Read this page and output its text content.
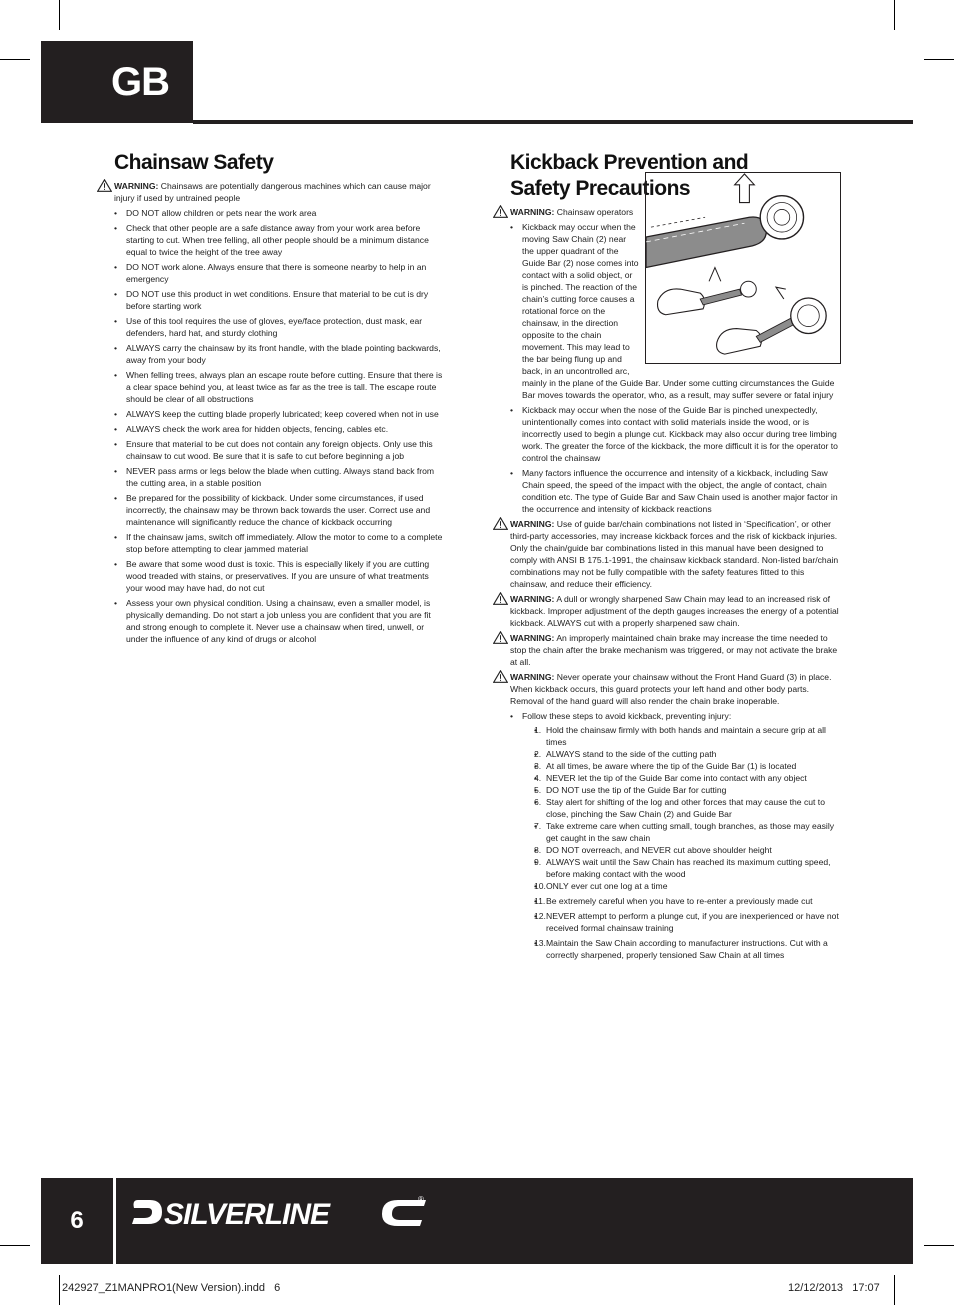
GB
Chainsaw Safety

WARNING: Chainsaws are potentially dangerous machines which can cause major injury if used by untrained people

• DO NOT allow children or pets near the work area
• Check that other people are a safe distance away from your work area before starting to cut. When tree felling, all other people should be a minimum distance equal to twice the height of the tree away
• DO NOT work alone. Always ensure that there is someone nearby to help in an emergency
• DO NOT use this product in wet conditions. Ensure that material to be cut is dry before starting work
• Use of this tool requires the use of gloves, eye/face protection, dust mask, ear defenders, hard hat, and sturdy clothing
• ALWAYS carry the chainsaw by its front handle, with the blade pointing backwards, away from your body
• When felling trees, always plan an escape route before cutting. Ensure that there is a clear space behind you, at least twice as far as the tree is tall. The escape route should be clear of all obstructions
• ALWAYS keep the cutting blade properly lubricated; keep covered when not in use
• ALWAYS check the work area for hidden objects, fencing, cables etc.
• Ensure that material to be cut does not contain any foreign objects. Only use this chainsaw to cut wood. Be sure that it is safe to cut before beginning a job
• NEVER pass arms or legs below the blade when cutting. Always stand back from the cutting area, in a stable position
• Be prepared for the possibility of kickback. Under some circumstances, if used incorrectly, the chainsaw may be thrown back towards the user. Correct use and maintenance will significantly reduce the chance of kickback occurring
• If the chainsaw jams, switch off immediately. Allow the motor to come to a complete stop before attempting to clear jammed material
• Be aware that some wood dust is toxic. This is especially likely if you are cutting wood treaded with stains, or preservatives. If you are unsure of what treatments your wood may have had, do not cut
• Assess your own physical condition. Using a chainsaw, even a smaller model, is physically demanding. Do not start a job unless you are confident that you are fit and strong enough to complete it. Never use a chainsaw when tired, unwell, or under the influence of any kind of drugs or alcohol
Kickback Prevention and Safety Precautions

WARNING: Chainsaw operators

• Kickback may occur when the moving Saw Chain (2) near the upper quadrant of the Guide Bar (2) nose comes into contact with a solid object, or is pinched. The reaction of the chain’s cutting force causes a rotational force on the chainsaw, in the direction opposite to the chain movement. This may lead to the bar being flung up and back, in an uncontrolled arc, mainly in the plane of the Guide Bar. Under some cutting circumstances the Guide Bar moves towards the operator, who, as a result, may suffer severe or fatal injury
• Kickback may occur when the nose of the Guide Bar is pinched unexpectedly, unintentionally comes into contact with solid materials inside the wood, or is incorrectly used to begin a plunge cut. Kickback may also occur during tree limbing work. The greater the force of the kickback, the more difficult it is for the operator to control the chainsaw
• Many factors influence the occurrence and intensity of a kickback, including Saw Chain speed, the speed of the impact with the object, the angle of contact, chain condition etc. The type of Guide Bar and Saw Chain used is another major factor in the occurrence and intensity of kickback reactions

WARNING: Use of guide bar/chain combinations not listed in ‘Specification’, or other third-party accessories, may increase kickback forces and the risk of kickback injuries. Only the chain/guide bar combinations listed in this manual have been designed to comply with ANSI B 175.1-1991, the chainsaw kickback standard. Non-listed bar/chain combinations may not be fully compatible with the safety features fitted to this chainsaw, and reduce their efficiency.

WARNING: A dull or wrongly sharpened Saw Chain may lead to an increased risk of kickback. Improper adjustment of the depth gauges increases the energy of a potential kickback. ALWAYS cut with a properly sharpened saw chain.

WARNING: An improperly maintained chain brake may increase the time needed to stop the chain after the brake mechanism was triggered, or may not activate the brake at all.

WARNING: Never operate your chainsaw without the Front Hand Guard (3) in place. When kickback occurs, this guard protects your left hand and other body parts. Removal of the hand guard will also render the chain brake inoperable.

• Follow these steps to avoid kickback, preventing injury:
• 1. Hold the chainsaw firmly with both hands and maintain a secure grip at all times
• 2. ALWAYS stand to the side of the cutting path
• 3. At all times, be aware where the tip of the Guide Bar (1) is located
• 4. NEVER let the tip of the Guide Bar come into contact with any object
• 5. DO NOT use the tip of the Guide Bar for cutting
• 6. Stay alert for shifting of the log and other forces that may cause the cut to close, pinching the Saw Chain (2) and Guide Bar
• 7. Take extreme care when cutting small, tough branches, as those may easily get caught in the saw chain
• 8. DO NOT overreach, and NEVER cut above shoulder height
• 9. ALWAYS wait until the Saw Chain has reached its maximum cutting speed, before making contact with the wood
• 10. ONLY ever cut one log at a time
• 11. Be extremely careful when you have to re-enter a previously made cut
• 12. NEVER attempt to perform a plunge cut, if you are inexperienced or have not received formal chainsaw training
• 13. Maintain the Saw Chain according to manufacturer instructions. Cut with a correctly sharpened, properly tensioned Saw Chain at all times
6	SILVERLINE	®
242927_Z1MANPRO1(New Version).indd   6	12/12/2013   17:07
